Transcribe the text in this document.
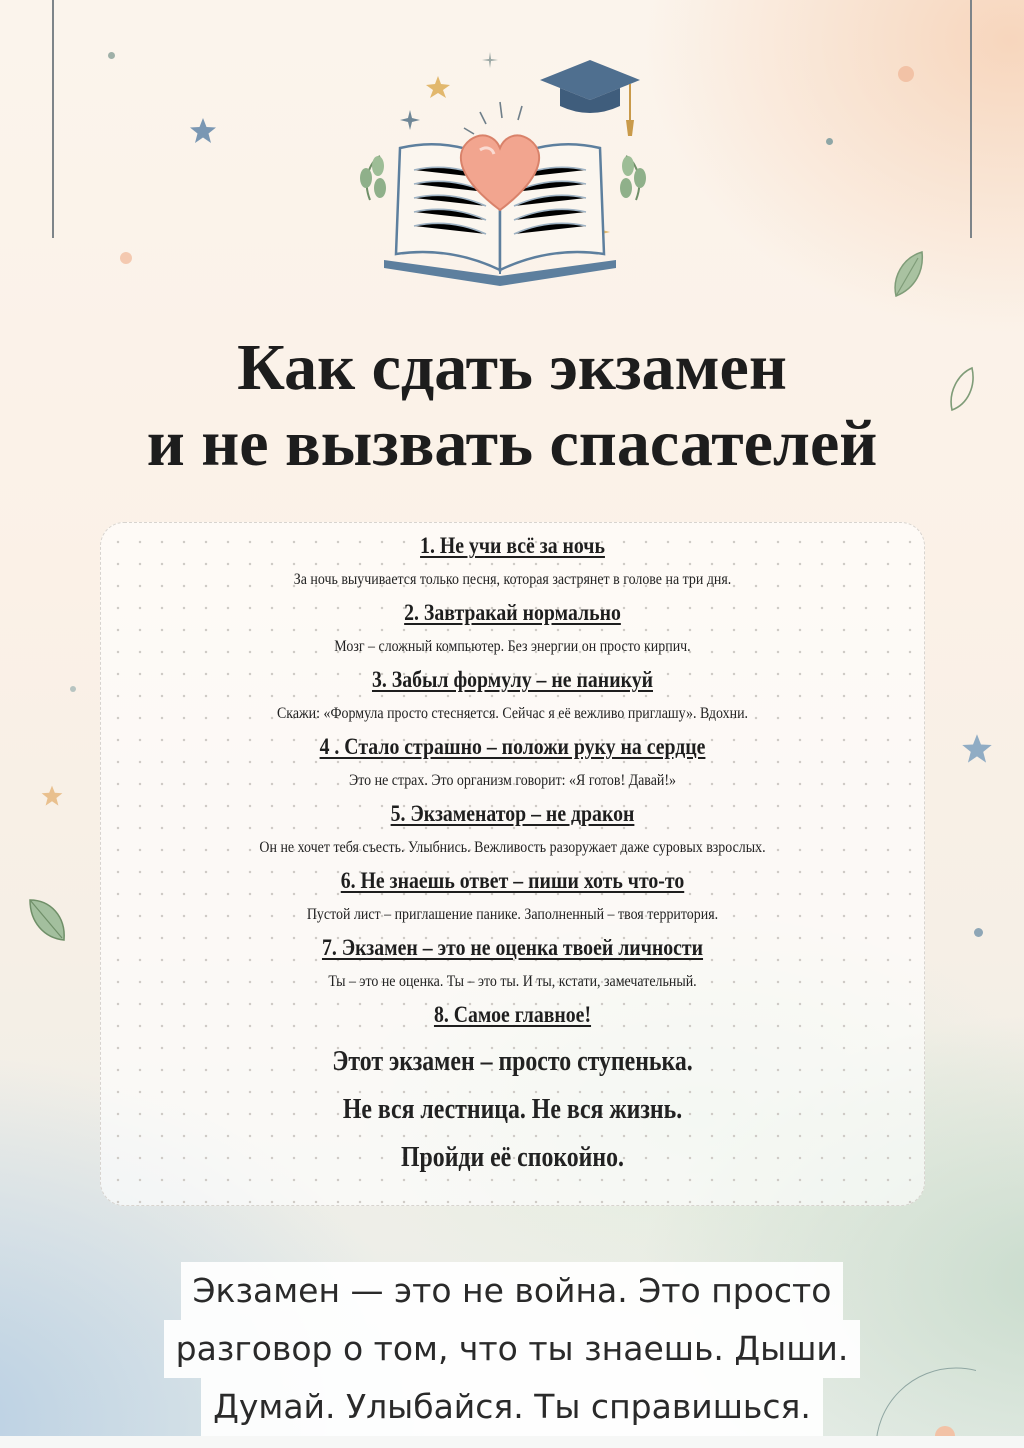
Как сдать экзамен
и не вызвать спасателей
1. Не учи всё за ночь
За ночь выучивается только песня, которая застрянет в голове на три дня.
2. Завтракай нормально
Мозг – сложный компьютер. Без энергии он просто кирпич.
3. Забыл формулу – не паникуй
Скажи: «Формула просто стесняется. Сейчас я её вежливо приглашу». Вдохни.
4 . Стало страшно – положи руку на сердце
Это не страх. Это организм говорит: «Я готов! Давай!»
5. Экзаменатор – не дракон
Он не хочет тебя съесть. Улыбнись. Вежливость разоружает даже суровых взрослых.
6. Не знаешь ответ – пиши хоть что-то
Пустой лист – приглашение панике. Заполненный – твоя территория.
7. Экзамен – это не оценка твоей личности
Ты – это не оценка. Ты – это ты. И ты, кстати, замечательный.
8. Самое главное!
Этот экзамен – просто ступенька.
Не вся лестница. Не вся жизнь.
Пройди её спокойно.
Экзамен — это не война. Это просто
разговор о том, что ты знаешь. Дыши.
Думай. Улыбайся. Ты справишься.
